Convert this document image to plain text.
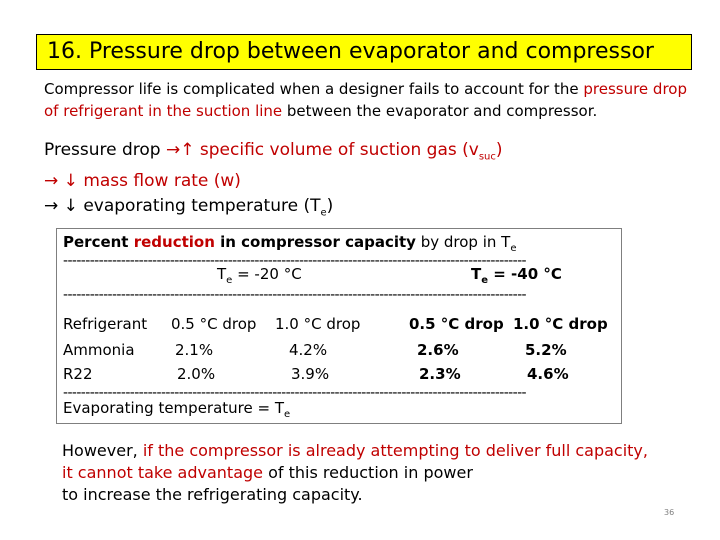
16. Pressure drop between evaporator and compressor
Compressor life is complicated when a designer fails to account for the pressure drop of refrigerant in the suction line between the evaporator and compressor.
Pressure drop →↑ specific volume of suction gas $(v_{suc})$
→ ↓ mass flow rate (w)
→ ↓ evaporating temperature $(T_e)$
Percent reduction in compressor capacity by drop in $T_e$
--------------------------------------------------------------------------------------------------------
$T_e = -20$ °C	$T_e = -40$ °C
--------------------------------------------------------------------------------------------------------
Refrigerant 0.5 °C drop 1.0 °C drop	0.5 °C drop 1.0 °C drop
Ammonia	2.1%	4.2%	2.6%	5.2%
R22	2.0%	3.9%	2.3%	4.6%
--------------------------------------------------------------------------------------------------------
Evaporating temperature = $T_e$
However, if the compressor is already attempting to deliver full capacity,
it cannot take advantage of this reduction in power
to increase the refrigerating capacity.
36
